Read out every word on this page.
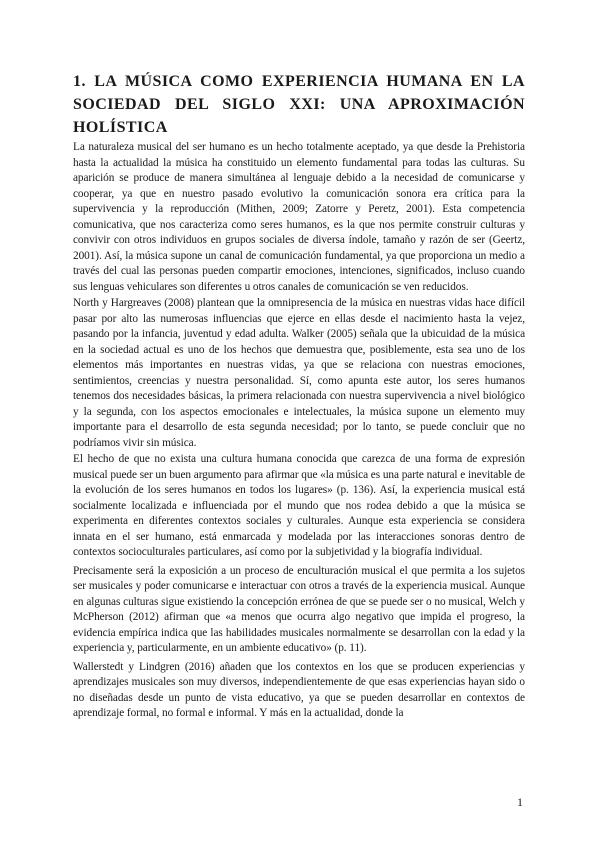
1. LA MÚSICA COMO EXPERIENCIA HUMANA EN LA SOCIEDAD DEL SIGLO XXI: UNA APROXIMACIÓN HOLÍSTICA

La naturaleza musical del ser humano es un hecho totalmente aceptado, ya que desde la Prehistoria hasta la actualidad la música ha constituido un elemento fundamental para todas las culturas. Su aparición se produce de manera simultánea al lenguaje debido a la necesidad de comunicarse y cooperar, ya que en nuestro pasado evolutivo la comunicación sonora era crítica para la supervivencia y la reproducción (Mithen, 2009; Zatorre y Peretz, 2001). Esta competencia comunicativa, que nos caracteriza como seres humanos, es la que nos permite construir culturas y convivir con otros individuos en grupos sociales de diversa índole, tamaño y razón de ser (Geertz, 2001). Así, la música supone un canal de comunicación fundamental, ya que proporciona un medio a través del cual las personas pueden compartir emociones, intenciones, significados, incluso cuando sus lenguas vehiculares son diferentes u otros canales de comunicación se ven reducidos.

North y Hargreaves (2008) plantean que la omnipresencia de la música en nuestras vidas hace difícil pasar por alto las numerosas influencias que ejerce en ellas desde el nacimiento hasta la vejez, pasando por la infancia, juventud y edad adulta. Walker (2005) señala que la ubicuidad de la música en la sociedad actual es uno de los hechos que demuestra que, posiblemente, esta sea uno de los elementos más importantes en nuestras vidas, ya que se relaciona con nuestras emociones, sentimientos, creencias y nuestra personalidad. Sí, como apunta este autor, los seres humanos tenemos dos necesidades básicas, la primera relacionada con nuestra supervivencia a nivel biológico y la segunda, con los aspectos emocionales e intelectuales, la música supone un elemento muy importante para el desarrollo de esta segunda necesidad; por lo tanto, se puede concluir que no podríamos vivir sin música.

El hecho de que no exista una cultura humana conocida que carezca de una forma de expresión musical puede ser un buen argumento para afirmar que «la música es una parte natural e inevitable de la evolución de los seres humanos en todos los lugares» (p. 136). Así, la experiencia musical está socialmente localizada e influenciada por el mundo que nos rodea debido a que la música se experimenta en diferentes contextos sociales y culturales. Aunque esta experiencia se considera innata en el ser humano, está enmarcada y modelada por las interacciones sonoras dentro de contextos socioculturales particulares, así como por la subjetividad y la biografía individual.

Precisamente será la exposición a un proceso de enculturación musical el que permita a los sujetos ser musicales y poder comunicarse e interactuar con otros a través de la experiencia musical. Aunque en algunas culturas sigue existiendo la concepción errónea de que se puede ser o no musical, Welch y McPherson (2012) afirman que «a menos que ocurra algo negativo que impida el progreso, la evidencia empírica indica que las habilidades musicales normalmente se desarrollan con la edad y la experiencia y, particularmente, en un ambiente educativo» (p. 11).

Wallerstedt y Lindgren (2016) añaden que los contextos en los que se producen experiencias y aprendizajes musicales son muy diversos, independientemente de que esas experiencias hayan sido o no diseñadas desde un punto de vista educativo, ya que se pueden desarrollar en contextos de aprendizaje formal, no formal e informal. Y más en la actualidad, donde la

1
